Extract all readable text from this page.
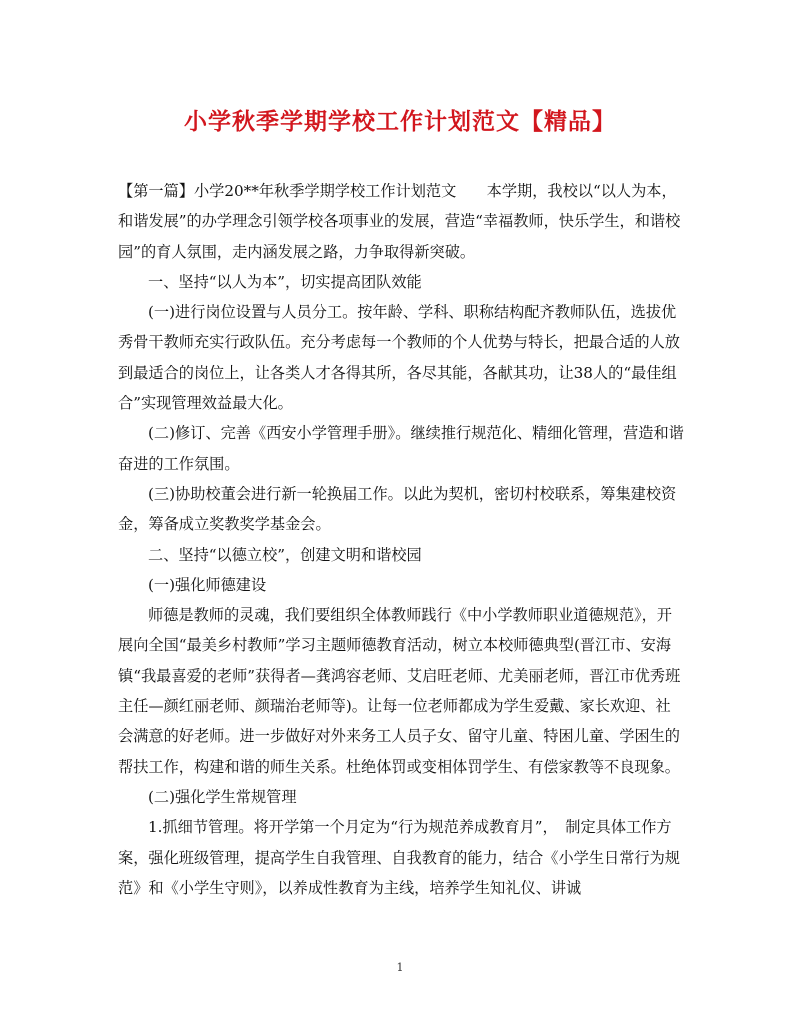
小学秋季学期学校工作计划范文【精品】

【第一篇】小学20**年秋季学期学校工作计划范文　　本学期，我校以“以人为本，和谐发展”的办学理念引领学校各项事业的发展，营造“幸福教师，快乐学生，和谐校园”的育人氛围，走内涵发展之路，力争取得新突破。

一、坚持“以人为本”，切实提高团队效能

(一)进行岗位设置与人员分工。按年龄、学科、职称结构配齐教师队伍，选拔优秀骨干教师充实行政队伍。充分考虑每一个教师的个人优势与特长，把最合适的人放到最适合的岗位上，让各类人才各得其所，各尽其能，各献其功，让38人的“最佳组合”实现管理效益最大化。

(二)修订、完善《西安小学管理手册》。继续推行规范化、精细化管理，营造和谐奋进的工作氛围。

(三)协助校董会进行新一轮换届工作。以此为契机，密切村校联系，筹集建校资金，筹备成立奖教奖学基金会。

二、坚持“以德立校”，创建文明和谐校园

(一)强化师德建设

师德是教师的灵魂，我们要组织全体教师践行《中小学教师职业道德规范》，开展向全国“最美乡村教师”学习主题师德教育活动，树立本校师德典型(晋江市、安海镇“我最喜爱的老师”获得者—龚鸿容老师、艾启旺老师、尤美丽老师，晋江市优秀班主任—颜红丽老师、颜瑞治老师等)。让每一位老师都成为学生爱戴、家长欢迎、社会满意的好老师。进一步做好对外来务工人员子女、留守儿童、特困儿童、学困生的帮扶工作，构建和谐的师生关系。杜绝体罚或变相体罚学生、有偿家教等不良现象。

(二)强化学生常规管理

1.抓细节管理。将开学第一个月定为“行为规范养成教育月”，　制定具体工作方案，强化班级管理，提高学生自我管理、自我教育的能力，结合《小学生日常行为规范》和《小学生守则》，以养成性教育为主线，培养学生知礼仪、讲诚

1
